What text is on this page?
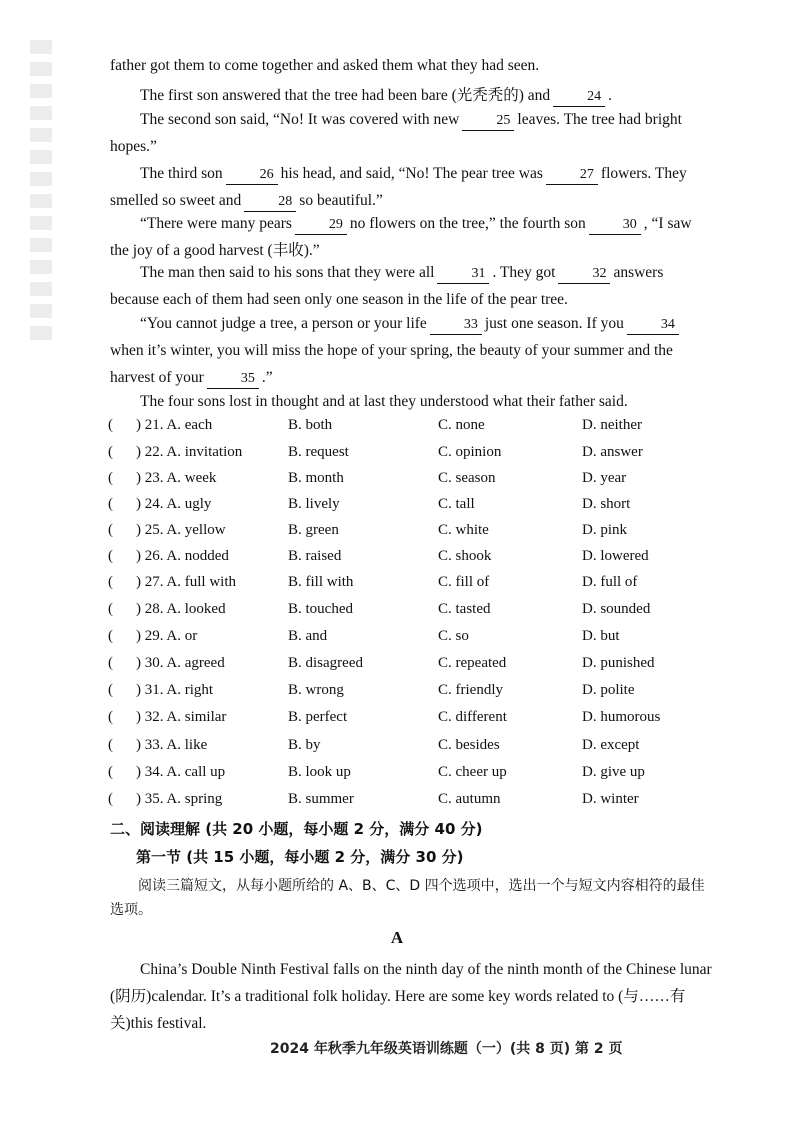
father got them to come together and asked them what they had seen.
The first son answered that the tree had been bare (光秃秃的) and	24 .
The second son said, “No! It was covered with new	25 leaves. The tree had bright hopes.”
The third son	26 his head, and said, “No! The pear tree was	27 flowers. They smelled so sweet and	28 so beautiful.”
“There were many pears	29 no flowers on the tree,” the fourth son	30 , “I saw the joy of a good harvest (丰收).”
The man then said to his sons that they were all	31 . They got	32 answers because each of them had seen only one season in the life of the pear tree.
“You cannot judge a tree, a person or your life	33 just one season. If you	34when it’s winter, you will miss the hope of your spring, the beauty of your summer and the harvest of your	35 .”
The four sons lost in thought and at last they understood what their father said.
( ) 21. A. each	B. both	C. none	D. neither
( ) 22. A. invitation	B. request	C. opinion	D. answer
( ) 23. A. week	B. month	C. season	D. year
( ) 24. A. ugly	B. lively	C. tall	D. short
( ) 25. A. yellow	B. green	C. white	D. pink
( ) 26. A. nodded	B. raised	C. shook	D. lowered
( ) 27. A. full with	B. fill with	C. fill of	D. full of
( ) 28. A. looked	B. touched	C. tasted	D. sounded
( ) 29. A. or	B. and	C. so	D. but
( ) 30. A. agreed	B. disagreed	C. repeated	D. punished
( ) 31. A. right	B. wrong	C. friendly	D. polite
( ) 32. A. similar	B. perfect	C. different	D. humorous
( ) 33. A. like	B. by	C. besides	D. except
( ) 34. A. call up	B. look up	C. cheer up	D. give up
( ) 35. A. spring	B. summer	C. autumn	D. winter
二、阅读理解 (共 20 小题，每小题 2 分，满分 40 分)
第一节 (共 15 小题，每小题 2 分，满分 30 分)
阅读三篇短文，从每小题所给的 A、B、C、D 四个选项中，选出一个与短文内容相符的最佳选项。
A
China’s Double Ninth Festival falls on the ninth day of the ninth month of the Chinese lunar (阴历)calendar. It’s a traditional folk holiday. Here are some key words related to (与……有关)this festival.
2024 年秋季九年级英语训练题（一）(共 8 页) 第 2 页
